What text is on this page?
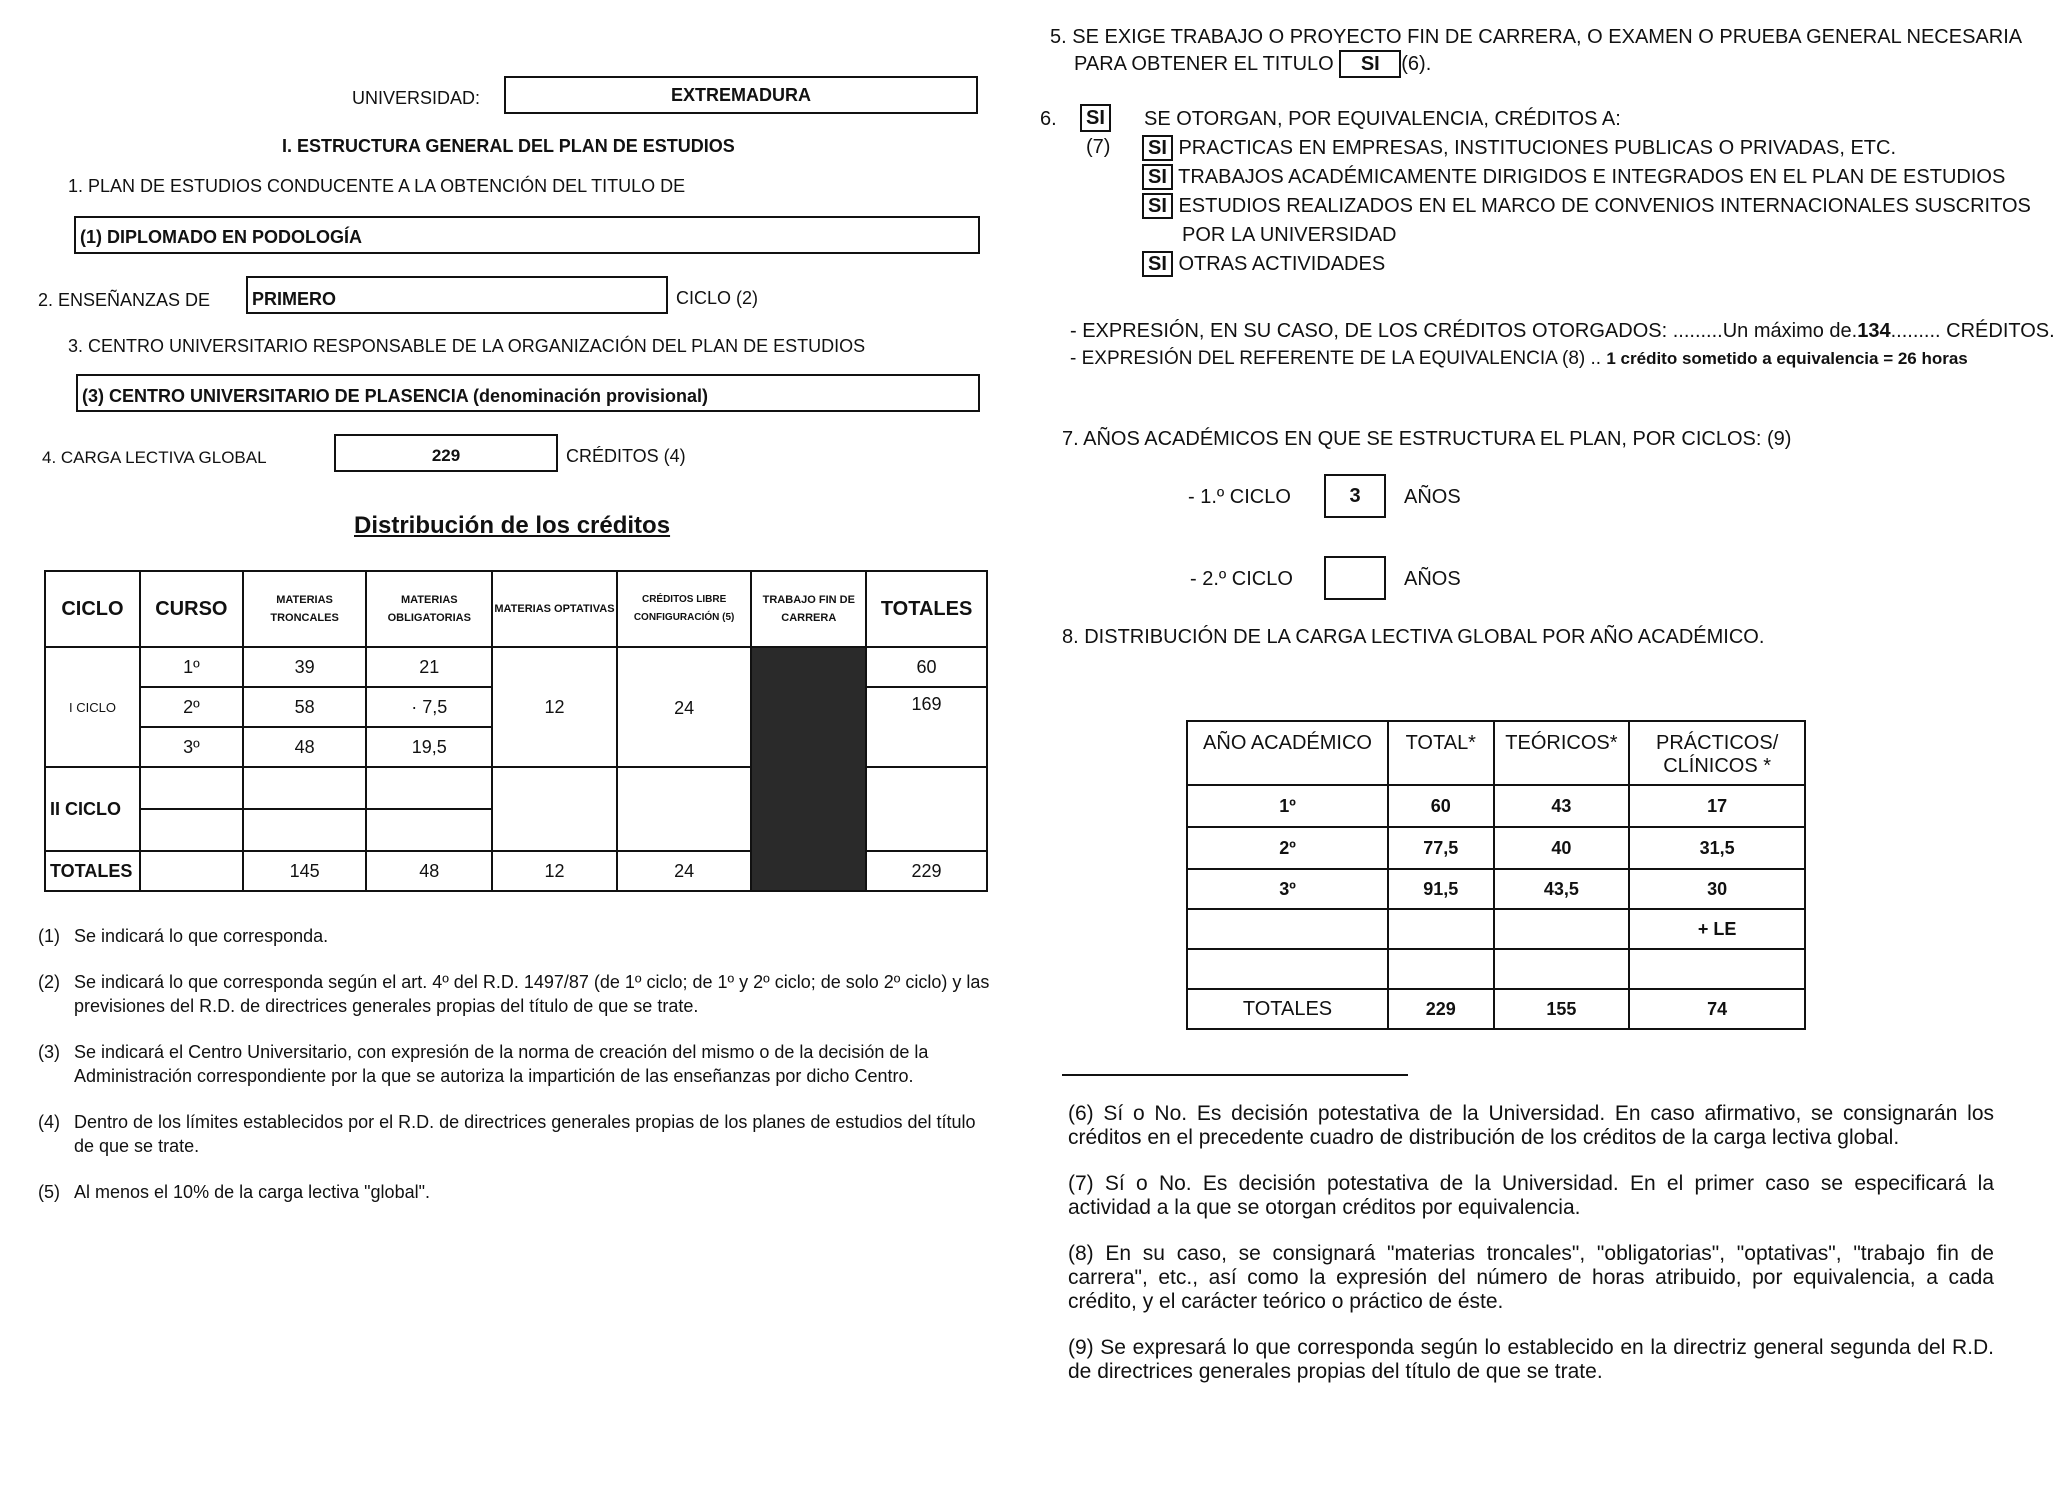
UNIVERSIDAD:	EXTREMADURA
I. ESTRUCTURA GENERAL DEL PLAN DE ESTUDIOS
1. PLAN DE ESTUDIOS CONDUCENTE A LA OBTENCIÓN DEL TITULO DE
(1) DIPLOMADO EN PODOLOGÍA
2. ENSEÑANZAS DE PRIMERO	CICLO (2)
3. CENTRO UNIVERSITARIO RESPONSABLE DE LA ORGANIZACIÓN DEL PLAN DE ESTUDIOS
(3) CENTRO UNIVERSITARIO DE PLASENCIA (denominación provisional)
4. CARGA LECTIVA GLOBAL	229	CRÉDITOS (4)
Distribución de los créditos
CICLO	CURSO	MATERIAS TRONCALES	MATERIAS OBLIGATORIAS	MATERIAS OPTATIVAS	CRÉDITOS LIBRE CONFIGURACIÓN (5)	TRABAJO FIN DE CARRERA	TOTALES
I CICLO	1º	39	21	12	24		60
	2º	58	· 7,5				169
	3º	48	19,5				
II CICLO							

TOTALES		145	48	12	24		229
(1) Se indicará lo que corresponda.
(2) Se indicará lo que corresponda según el art. 4º del R.D. 1497/87 (de 1º ciclo; de 1º y 2º ciclo; de solo 2º ciclo) y las previsiones del R.D. de directrices generales propias del título de que se trate.
(3) Se indicará el Centro Universitario, con expresión de la norma de creación del mismo o de la decisión de la Administración correspondiente por la que se autoriza la impartición de las enseñanzas por dicho Centro.
(4) Dentro de los límites establecidos por el R.D. de directrices generales propias de los planes de estudios del título de que se trate.
(5) Al menos el 10% de la carga lectiva "global".
5. SE EXIGE TRABAJO O PROYECTO FIN DE CARRERA, O EXAMEN O PRUEBA GENERAL NECESARIA
PARA OBTENER EL TITULO SI (6).
6.	SI	SE OTORGAN, POR EQUIVALENCIA, CRÉDITOS A:
(7)	SI PRACTICAS EN EMPRESAS, INSTITUCIONES PUBLICAS O PRIVADAS, ETC.
SI TRABAJOS ACADÉMICAMENTE DIRIGIDOS E INTEGRADOS EN EL PLAN DE ESTUDIOS
SI ESTUDIOS REALIZADOS EN EL MARCO DE CONVENIOS INTERNACIONALES SUSCRITOS
POR LA UNIVERSIDAD
SI OTRAS ACTIVIDADES
- EXPRESIÓN, EN SU CASO, DE LOS CRÉDITOS OTORGADOS: .........Un máximo de.134......... CRÉDITOS.
- EXPRESIÓN DEL REFERENTE DE LA EQUIVALENCIA (8) .. 1 crédito sometido a equivalencia = 26 horas
7. AÑOS ACADÉMICOS EN QUE SE ESTRUCTURA EL PLAN, POR CICLOS: (9)
- 1.º CICLO	3	AÑOS
- 2.º CICLO	AÑOS
8. DISTRIBUCIÓN DE LA CARGA LECTIVA GLOBAL POR AÑO ACADÉMICO.
AÑO ACADÉMICO	TOTAL*	TEÓRICOS*	PRÁCTICOS/ CLÍNICOS *
1º	60	43	17
2º	77,5	40	31,5
3º	91,5	43,5	30
			+ LE

TOTALES	229	155	74
(6) Sí o No. Es decisión potestativa de la Universidad. En caso afirmativo, se consignarán los créditos en el precedente cuadro de distribución de los créditos de la carga lectiva global.
(7) Sí o No. Es decisión potestativa de la Universidad. En el primer caso se especificará la actividad a la que se otorgan créditos por equivalencia.
(8) En su caso, se consignará "materias troncales", "obligatorias", "optativas", "trabajo fin de carrera", etc., así como la expresión del número de horas atribuido, por equivalencia, a cada crédito, y el carácter teórico o práctico de éste.
(9) Se expresará lo que corresponda según lo establecido en la directriz general segunda del R.D. de directrices generales propias del título de que se trate.
